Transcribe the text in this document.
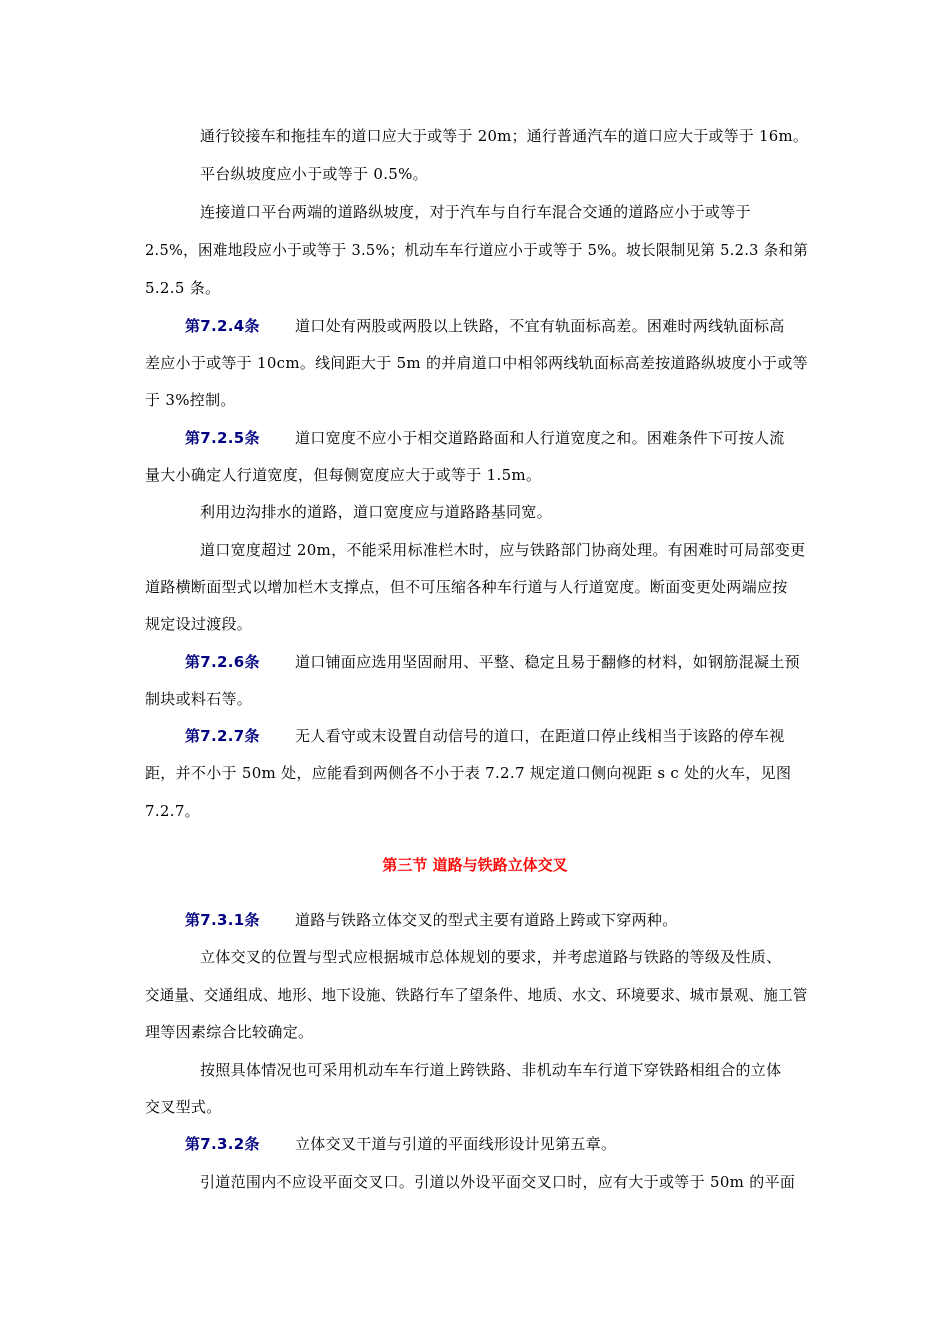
通行铰接车和拖挂车的道口应大于或等于 20m；通行普通汽车的道口应大于或等于 16m。
平台纵坡度应小于或等于 0.5%。
连接道口平台两端的道路纵坡度，对于汽车与自行车混合交通的道路应小于或等于
2.5%，困难地段应小于或等于 3.5%；机动车车行道应小于或等于 5%。坡长限制见第 5.2.3 条和第
5.2.5 条。
第7.2.4条 道口处有两股或两股以上铁路，不宜有轨面标高差。困难时两线轨面标高
差应小于或等于 10cm。线间距大于 5m 的并肩道口中相邻两线轨面标高差按道路纵坡度小于或等
于 3%控制。
第7.2.5条 道口宽度不应小于相交道路路面和人行道宽度之和。困难条件下可按人流
量大小确定人行道宽度，但每侧宽度应大于或等于 1.5m。
利用边沟排水的道路，道口宽度应与道路路基同宽。
道口宽度超过 20m，不能采用标准栏木时，应与铁路部门协商处理。有困难时可局部变更
道路横断面型式以增加栏木支撑点，但不可压缩各种车行道与人行道宽度。断面变更处两端应按
规定设过渡段。
第7.2.6条 道口铺面应选用坚固耐用、平整、稳定且易于翻修的材料，如钢筋混凝土预
制块或料石等。
第7.2.7条 无人看守或末设置自动信号的道口，在距道口停止线相当于该路的停车视
距，并不小于 50m 处，应能看到两侧各不小于表 7.2.7 规定道口侧向视距 s c 处的火车，见图
7.2.7。
第三节 道路与铁路立体交叉
第7.3.1条 道路与铁路立体交叉的型式主要有道路上跨或下穿两种。
立体交叉的位置与型式应根据城市总体规划的要求，并考虑道路与铁路的等级及性质、
交通量、交通组成、地形、地下设施、铁路行车了望条件、地质、水文、环境要求、城市景观、施工管
理等因素综合比较确定。
按照具体情况也可采用机动车车行道上跨铁路、非机动车车行道下穿铁路相组合的立体
交叉型式。
第7.3.2条 立体交叉干道与引道的平面线形设计见第五章。
引道范围内不应设平面交叉口。引道以外设平面交叉口时，应有大于或等于 50m 的平面
